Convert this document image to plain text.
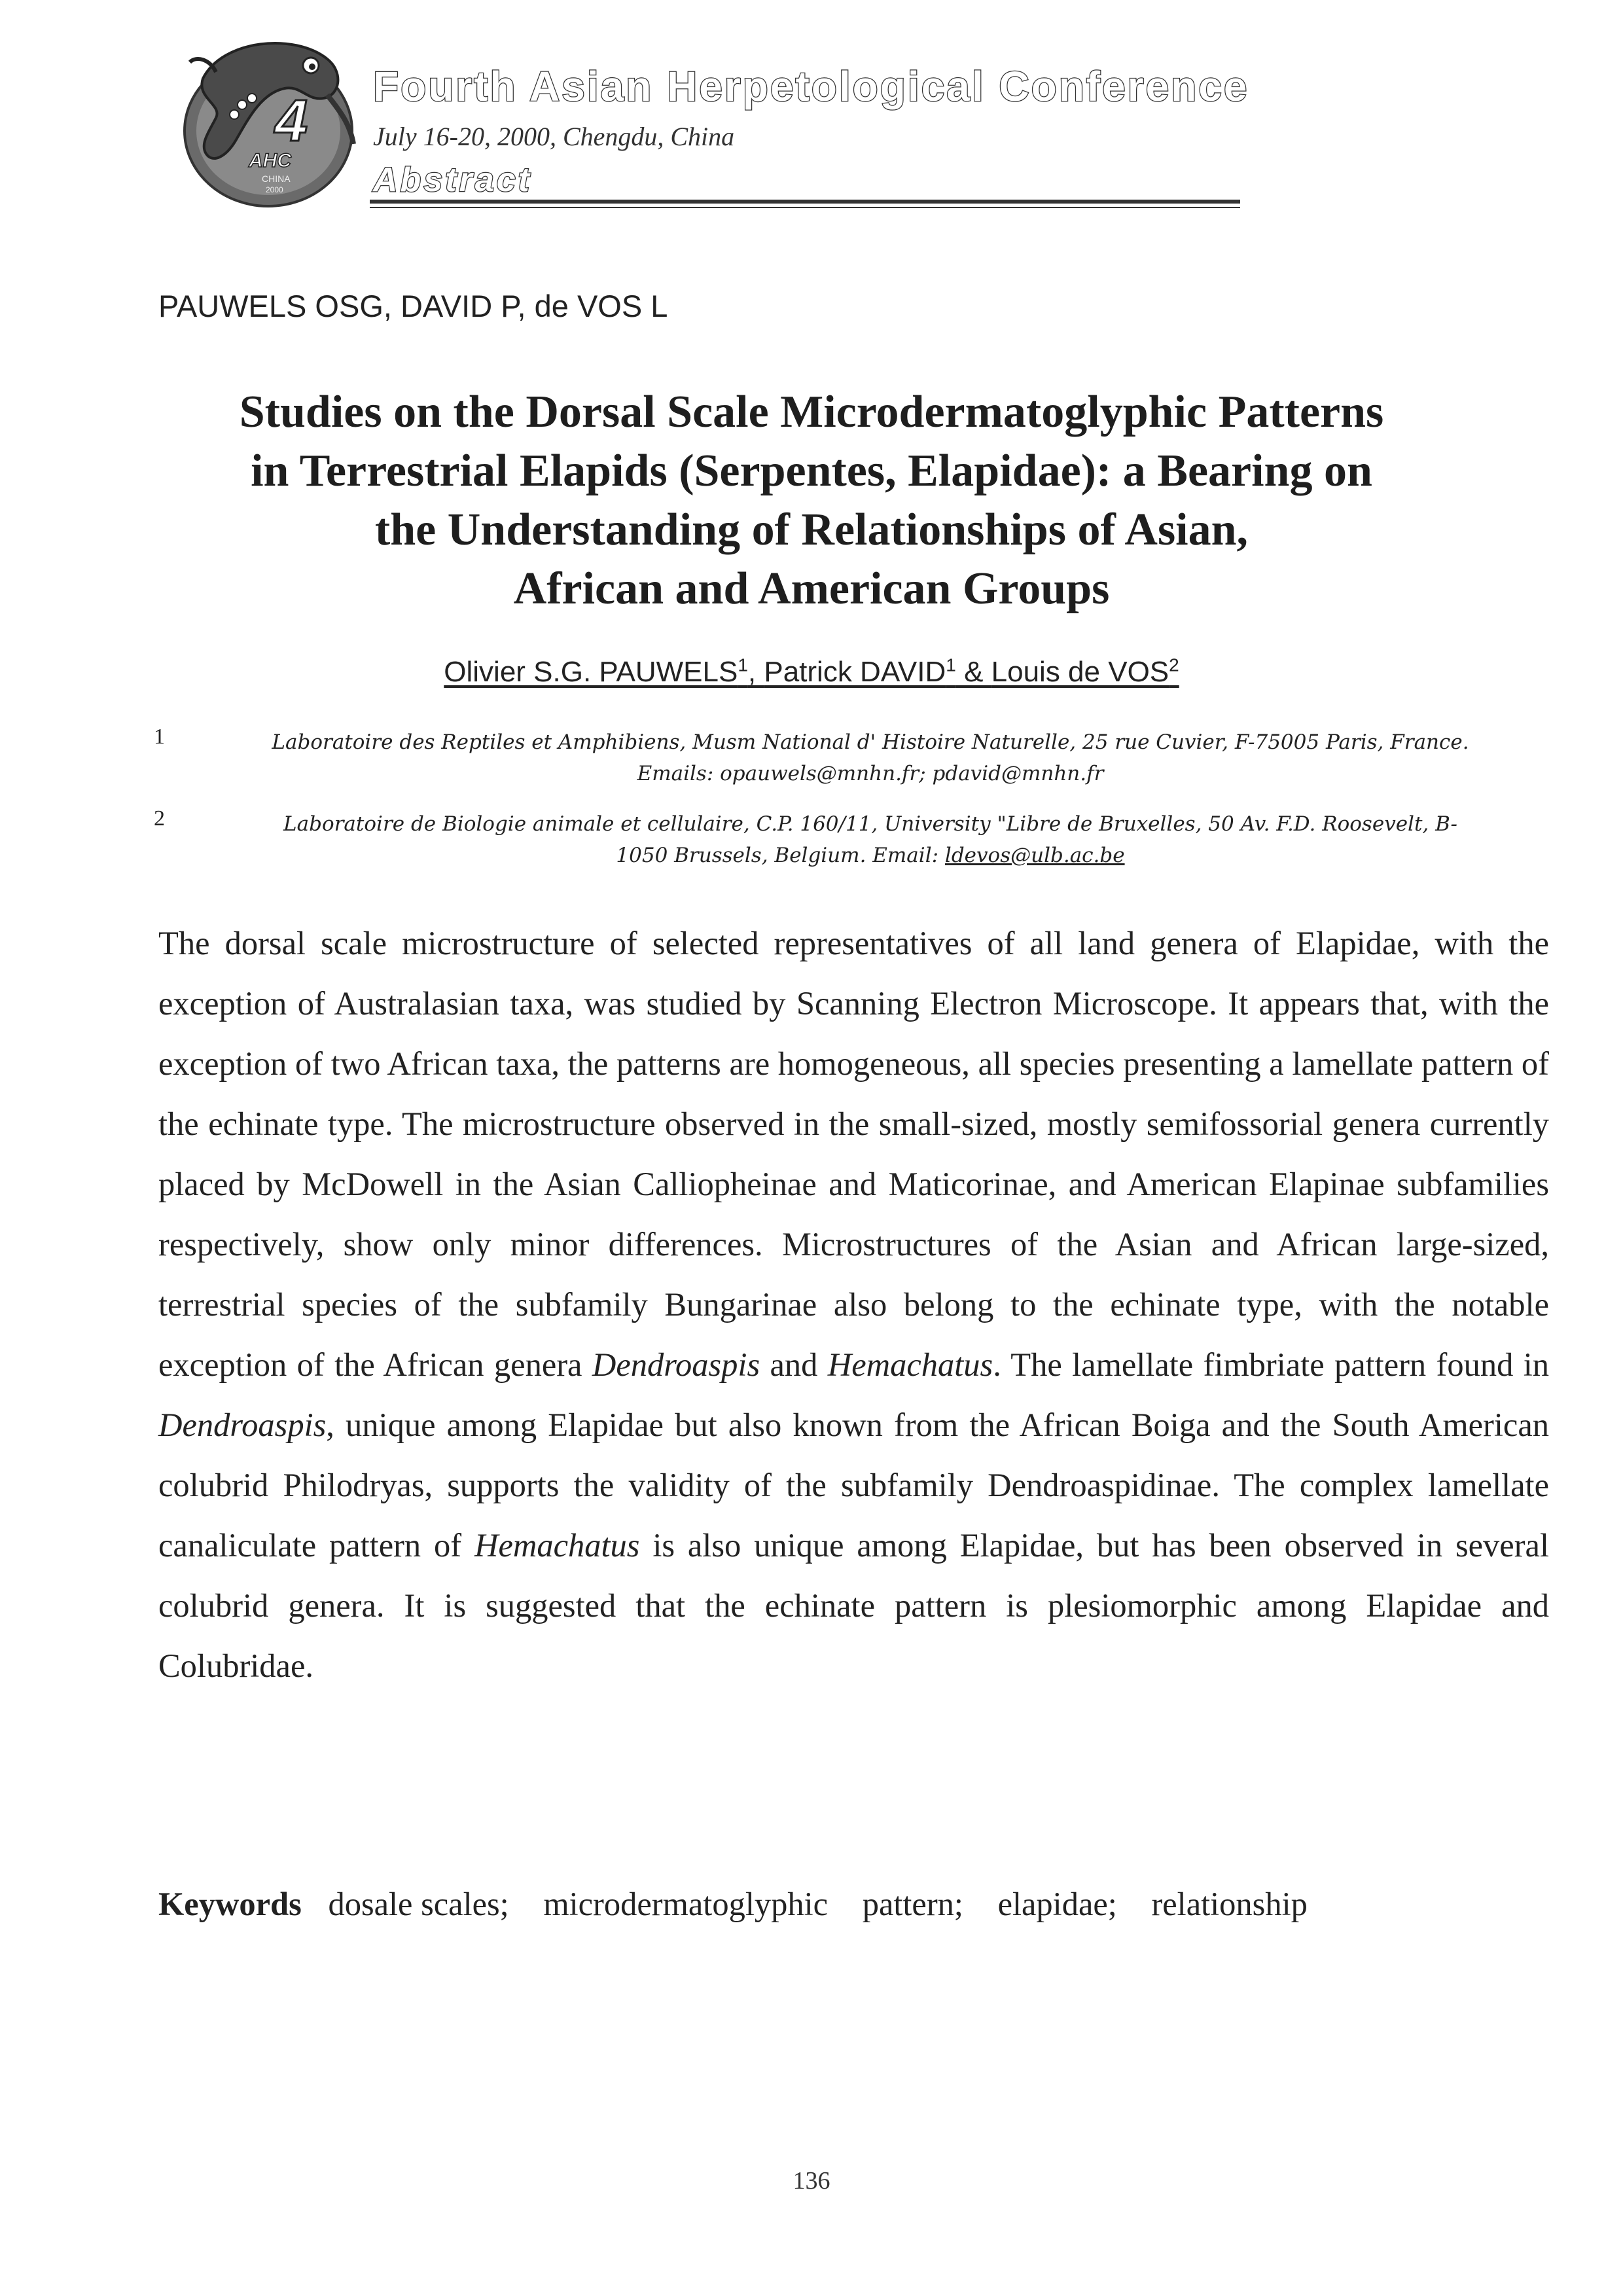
4
AHC
CHINA
2000
Fourth Asian Herpetological Conference
July 16-20, 2000, Chengdu, China
Abstract
PAUWELS OSG, DAVID P, de VOS L
Studies on the Dorsal Scale Microdermatoglyphic Patterns
in Terrestrial Elapids (Serpentes, Elapidae): a Bearing on
the Understanding of Relationships of Asian,
African and American Groups
Olivier S.G. PAUWELS$^1$, Patrick DAVID$^1$ & Louis de VOS$^2$
1	Laboratoire des Reptiles et Amphibiens, Musm National d' Histoire Naturelle, 25 rue Cuvier, F-75005 Paris, France.
Emails: opauwels@mnhn.fr; pdavid@mnhn.fr
2	Laboratoire de Biologie animale et cellulaire, C.P. 160/11, University "Libre de Bruxelles, 50 Av. F.D. Roosevelt, B-
1050 Brussels, Belgium. Email: ldevos@ulb.ac.be
The dorsal scale microstructure of selected representatives of all land genera of Elapidae, with the exception of Australasian taxa, was studied by Scanning Electron Microscope. It appears that, with the exception of two African taxa, the patterns are homogeneous, all species presenting a lamellate pattern of the echinate type. The microstructure observed in the small-sized, mostly semifossorial genera currently placed by McDowell in the Asian Calliopheinae and Maticorinae, and American Elapinae subfamilies respectively, show only minor differences. Microstructures of the Asian and African large-sized, terrestrial species of the subfamily Bungarinae also belong to the echinate type, with the notable exception of the African genera Dendroaspis and Hemachatus. The lamellate fimbriate pattern found in Dendroaspis, unique among Elapidae but also known from the African Boiga and the South American colubrid Philodryas, supports the validity of the subfamily Dendroaspidinae. The complex lamellate canaliculate pattern of Hemachatus is also unique among Elapidae, but has been observed in several colubrid genera. It is suggested that the echinate pattern is plesiomorphic among Elapidae and Colubridae.
Keywords dosale scales; microdermatoglyphic pattern; elapidae; relationship
136
